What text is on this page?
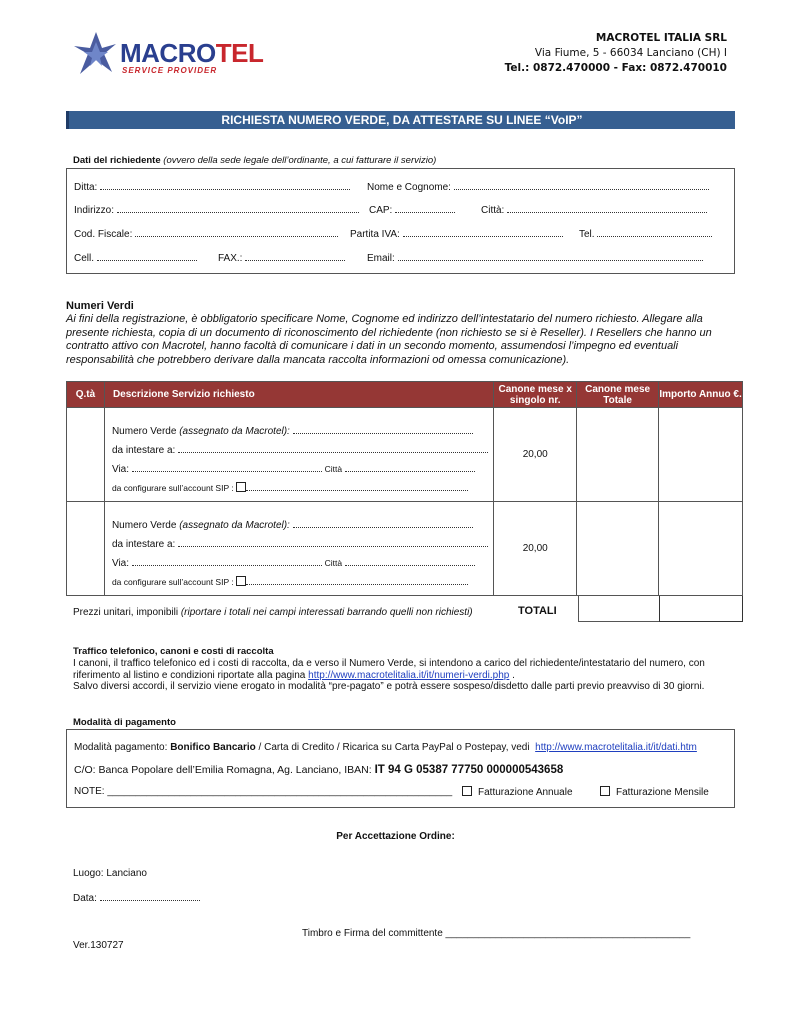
MACROTEL
SERVICE PROVIDER
MACROTEL ITALIA SRL
Via Fiume, 5 - 66034 Lanciano (CH) I
Tel.: 0872.470000 - Fax: 0872.470010
RICHIESTA NUMERO VERDE, DA ATTESTARE SU LINEE “VoIP”
Dati del richiedente (ovvero della sede legale dell’ordinante, a cui fatturare il servizio)
Ditta:	Nome e Cognome:
Indirizzo:	CAP:	Città:
Cod. Fiscale:	Partita IVA:	Tel.
Cell.	FAX.:	Email:
Numeri Verdi
Ai fini della registrazione, è obbligatorio specificare Nome, Cognome ed indirizzo dell’intestatario del numero richiesto. Allegare alla presente richiesta, copia di un documento di riconoscimento del richiedente (non richiesto se si è Reseller). I Resellers che hanno un contratto attivo con Macrotel, hanno facoltà di comunicare i dati in un secondo momento, assumendosi l’impegno ed eventuali responsabilità che potrebbero derivare dalla mancata raccolta informazioni od omessa comunicazione).
Q.tà	Descrizione Servizio richiesto	Canone mese x singolo nr.	Canone mese Totale	Importo Annuo €.

	Numero Verde (assegnato da Macrotel):
da intestare a:
Via: Città
da configurare sull’account SIP :	20,00		

	Numero Verde (assegnato da Macrotel):
da intestare a:
Via: Città
da configurare sull’account SIP :	20,00		
Prezzi unitari, imponibili (riportare i totali nei campi interessati barrando quelli non richiesti)	TOTALI
Traffico telefonico, canoni e costi di raccolta
I canoni, il traffico telefonico ed i costi di raccolta, da e verso il Numero Verde, si intendono a carico del richiedente/intestatario del numero, con riferimento al listino e condizioni riportate alla pagina http://www.macrotelitalia.it/it/numeri-verdi.php .
Salvo diversi accordi, il servizio viene erogato in modalità “pre-pagato” e potrà essere sospeso/disdetto dalle parti previo preavviso di 30 giorni.
Modalità di pagamento
Modalità pagamento: Bonifico Bancario / Carta di Credito / Ricarica su Carta PayPal o Postepay, vedi http://www.macrotelitalia.it/it/dati.htm
C/O: Banca Popolare dell’Emilia Romagna, Ag. Lanciano, IBAN: IT 94 G 05387 77750 000000543658
NOTE: ______________________________________________________________	Fatturazione Annuale	Fatturazione Mensile
Per Accettazione Ordine:
Luogo: Lanciano
Data:
Timbro e Firma del committente ____________________________________________
Ver.130727
